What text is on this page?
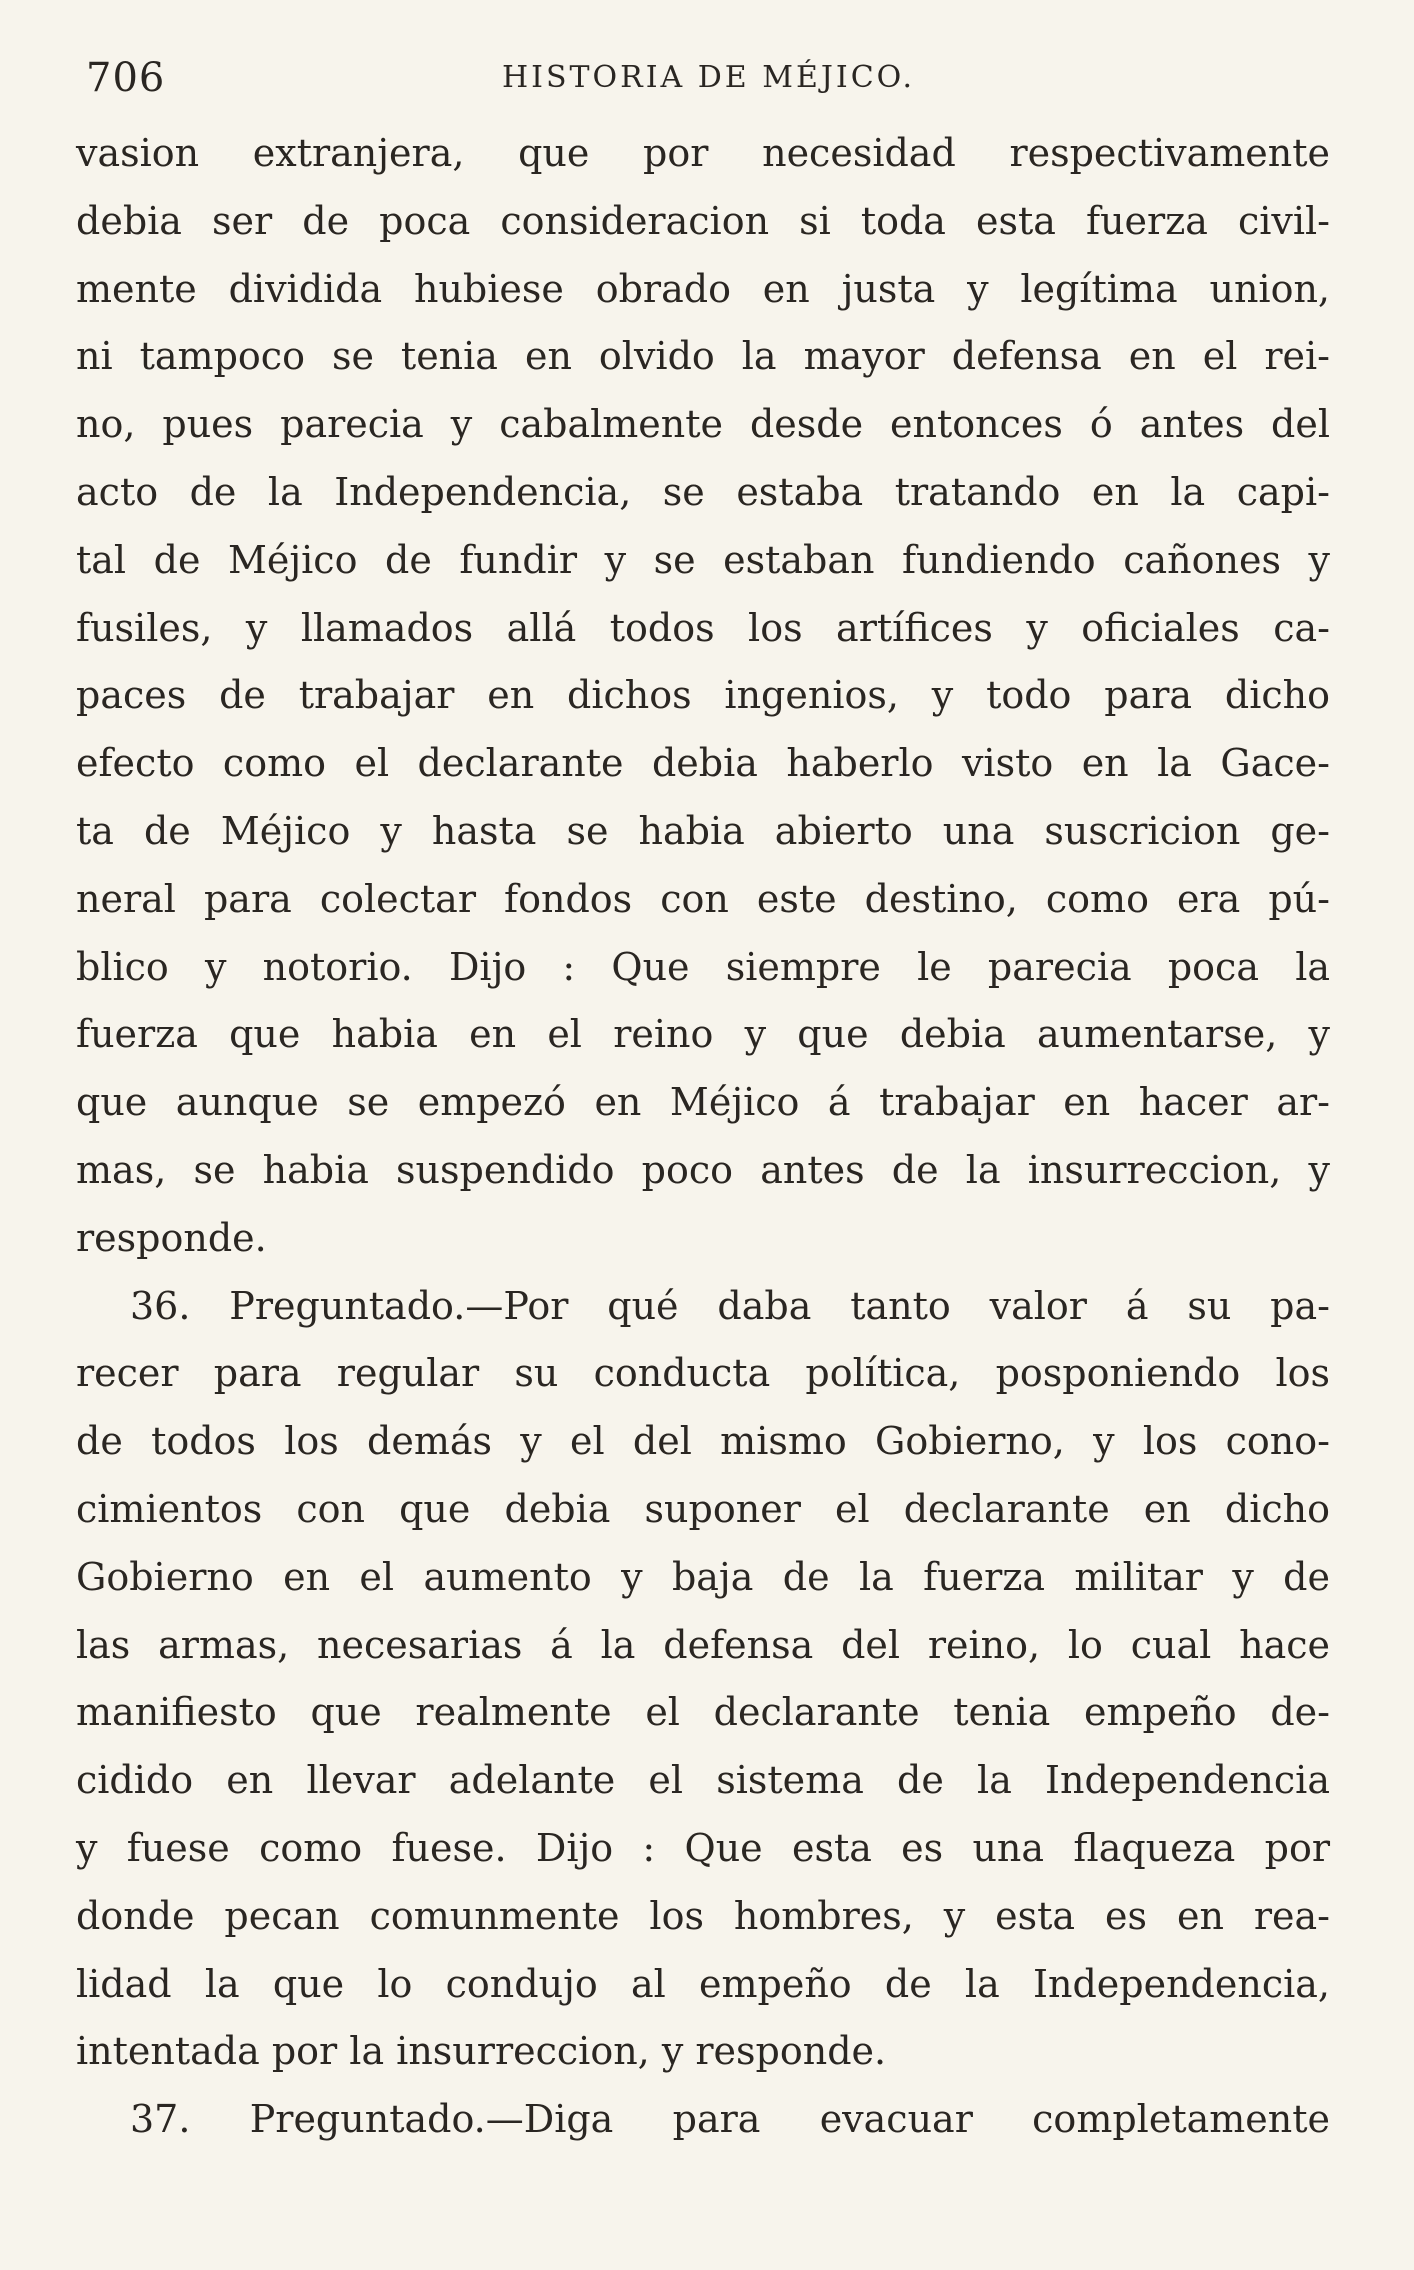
706	HISTORIA DE MÉJICO.
vasion extranjera, que por necesidad respectivamente
debia ser de poca consideracion si toda esta fuerza civil-
mente dividida hubiese obrado en justa y legítima union,
ni tampoco se tenia en olvido la mayor defensa en el rei-
no, pues parecia y cabalmente desde entonces ó antes del
acto de la Independencia, se estaba tratando en la capi-
tal de Méjico de fundir y se estaban fundiendo cañones y
fusiles, y llamados allá todos los artífices y oficiales ca-
paces de trabajar en dichos ingenios, y todo para dicho
efecto como el declarante debia haberlo visto en la Gace-
ta de Méjico y hasta se habia abierto una suscricion ge-
neral para colectar fondos con este destino, como era pú-
blico y notorio. Dijo : Que siempre le parecia poca la
fuerza que habia en el reino y que debia aumentarse, y
que aunque se empezó en Méjico á trabajar en hacer ar-
mas, se habia suspendido poco antes de la insurreccion, y
responde.
36. Preguntado.—Por qué daba tanto valor á su pa-
recer para regular su conducta política, posponiendo los
de todos los demás y el del mismo Gobierno, y los cono-
cimientos con que debia suponer el declarante en dicho
Gobierno en el aumento y baja de la fuerza militar y de
las armas, necesarias á la defensa del reino, lo cual hace
manifiesto que realmente el declarante tenia empeño de-
cidido en llevar adelante el sistema de la Independencia
y fuese como fuese. Dijo : Que esta es una flaqueza por
donde pecan comunmente los hombres, y esta es en rea-
lidad la que lo condujo al empeño de la Independencia,
intentada por la insurreccion, y responde.
37. Preguntado.—Diga para evacuar completamente
